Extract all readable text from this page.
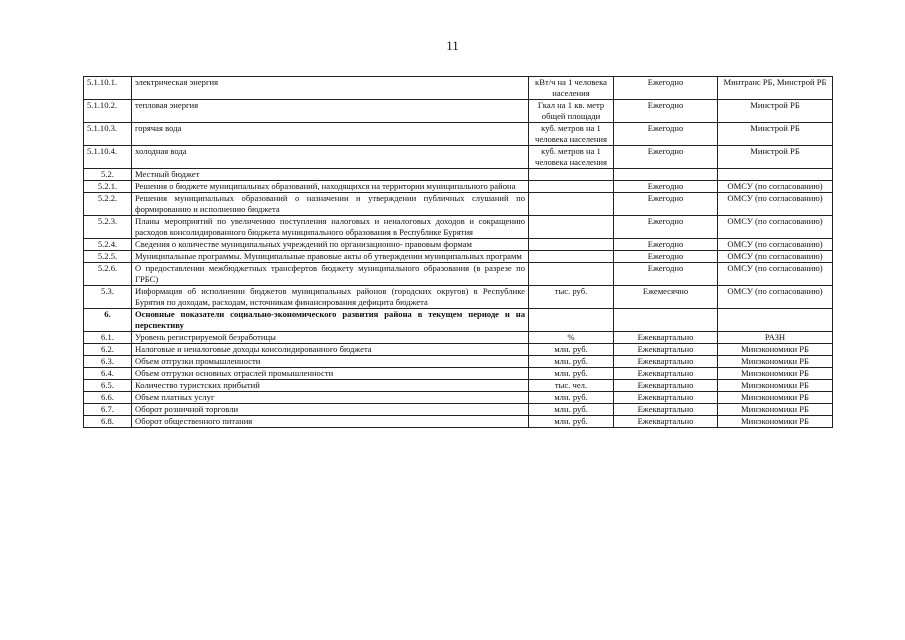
11
5.1.10.1.	электрическая энергия	кВт/ч на 1 человека населения	Ежегодно	Минтранс РБ, Минстрой РБ
5.1.10.2.	тепловая энергия	Гкал на 1 кв. метр общей площади	Ежегодно	Минстрой РБ
5.1.10.3.	горячая вода	куб. метров на 1 человека населения	Ежегодно	Минстрой РБ
5.1.10.4.	холодная вода	куб. метров на 1 человека населения	Ежегодно	Минстрой РБ
5.2.	Местный бюджет			
5.2.1.	Решения о бюджете муниципальных образований, находящихся на территории муниципального района		Ежегодно	ОМСУ (по согласованию)
5.2.2.	Решения муниципальных образований о назначении и утверждении публичных слушаний по формированию и исполнению бюджета		Ежегодно	ОМСУ (по согласованию)
5.2.3.	Планы мероприятий по увеличению поступления налоговых и неналоговых доходов и сокращению расходов консолидированного бюджета муниципального образования в Республике Бурятия		Ежегодно	ОМСУ (по согласованию)
5.2.4.	Сведения о количестве муниципальных учреждений по организационно- правовым формам		Ежегодно	ОМСУ (по согласованию)
5.2.5.	Муниципальные программы. Муниципальные правовые акты об утверждении муниципальных программ		Ежегодно	ОМСУ (по согласованию)
5.2.6.	О предоставлении межбюджетных трансфертов бюджету муниципального образования (в разрезе по ГРБС)		Ежегодно	ОМСУ (по согласованию)
5.3.	Информация об исполнении бюджетов муниципальных районов (городских округов) в Республике Бурятия по доходам, расходам, источникам финансирования дефицита бюджета	тыс. руб.	Ежемесячно	ОМСУ (по согласованию)
6.	Основные показатели социально-экономического развития района в текущем периоде и на перспективу			
6.1.	Уровень регистрируемой безработицы	%	Ежеквартально	РАЗН
6.2.	Налоговые и неналоговые доходы консолидированного бюджета	млн. руб.	Ежеквартально	Минэкономики РБ
6.3.	Объем отгрузки промышленности	млн. руб.	Ежеквартально	Минэкономики РБ
6.4.	Объем отгрузки основных отраслей промышленности	млн. руб.	Ежеквартально	Минэкономики РБ
6.5.	Количество туристских прибытий	тыс. чел.	Ежеквартально	Минэкономики РБ
6.6.	Объем платных услуг	млн. руб.	Ежеквартально	Минэкономики РБ
6.7.	Оборот розничной торговли	млн. руб.	Ежеквартально	Минэкономики РБ
6.8.	Оборот общественного питания	млн. руб.	Ежеквартально	Минэкономики РБ
